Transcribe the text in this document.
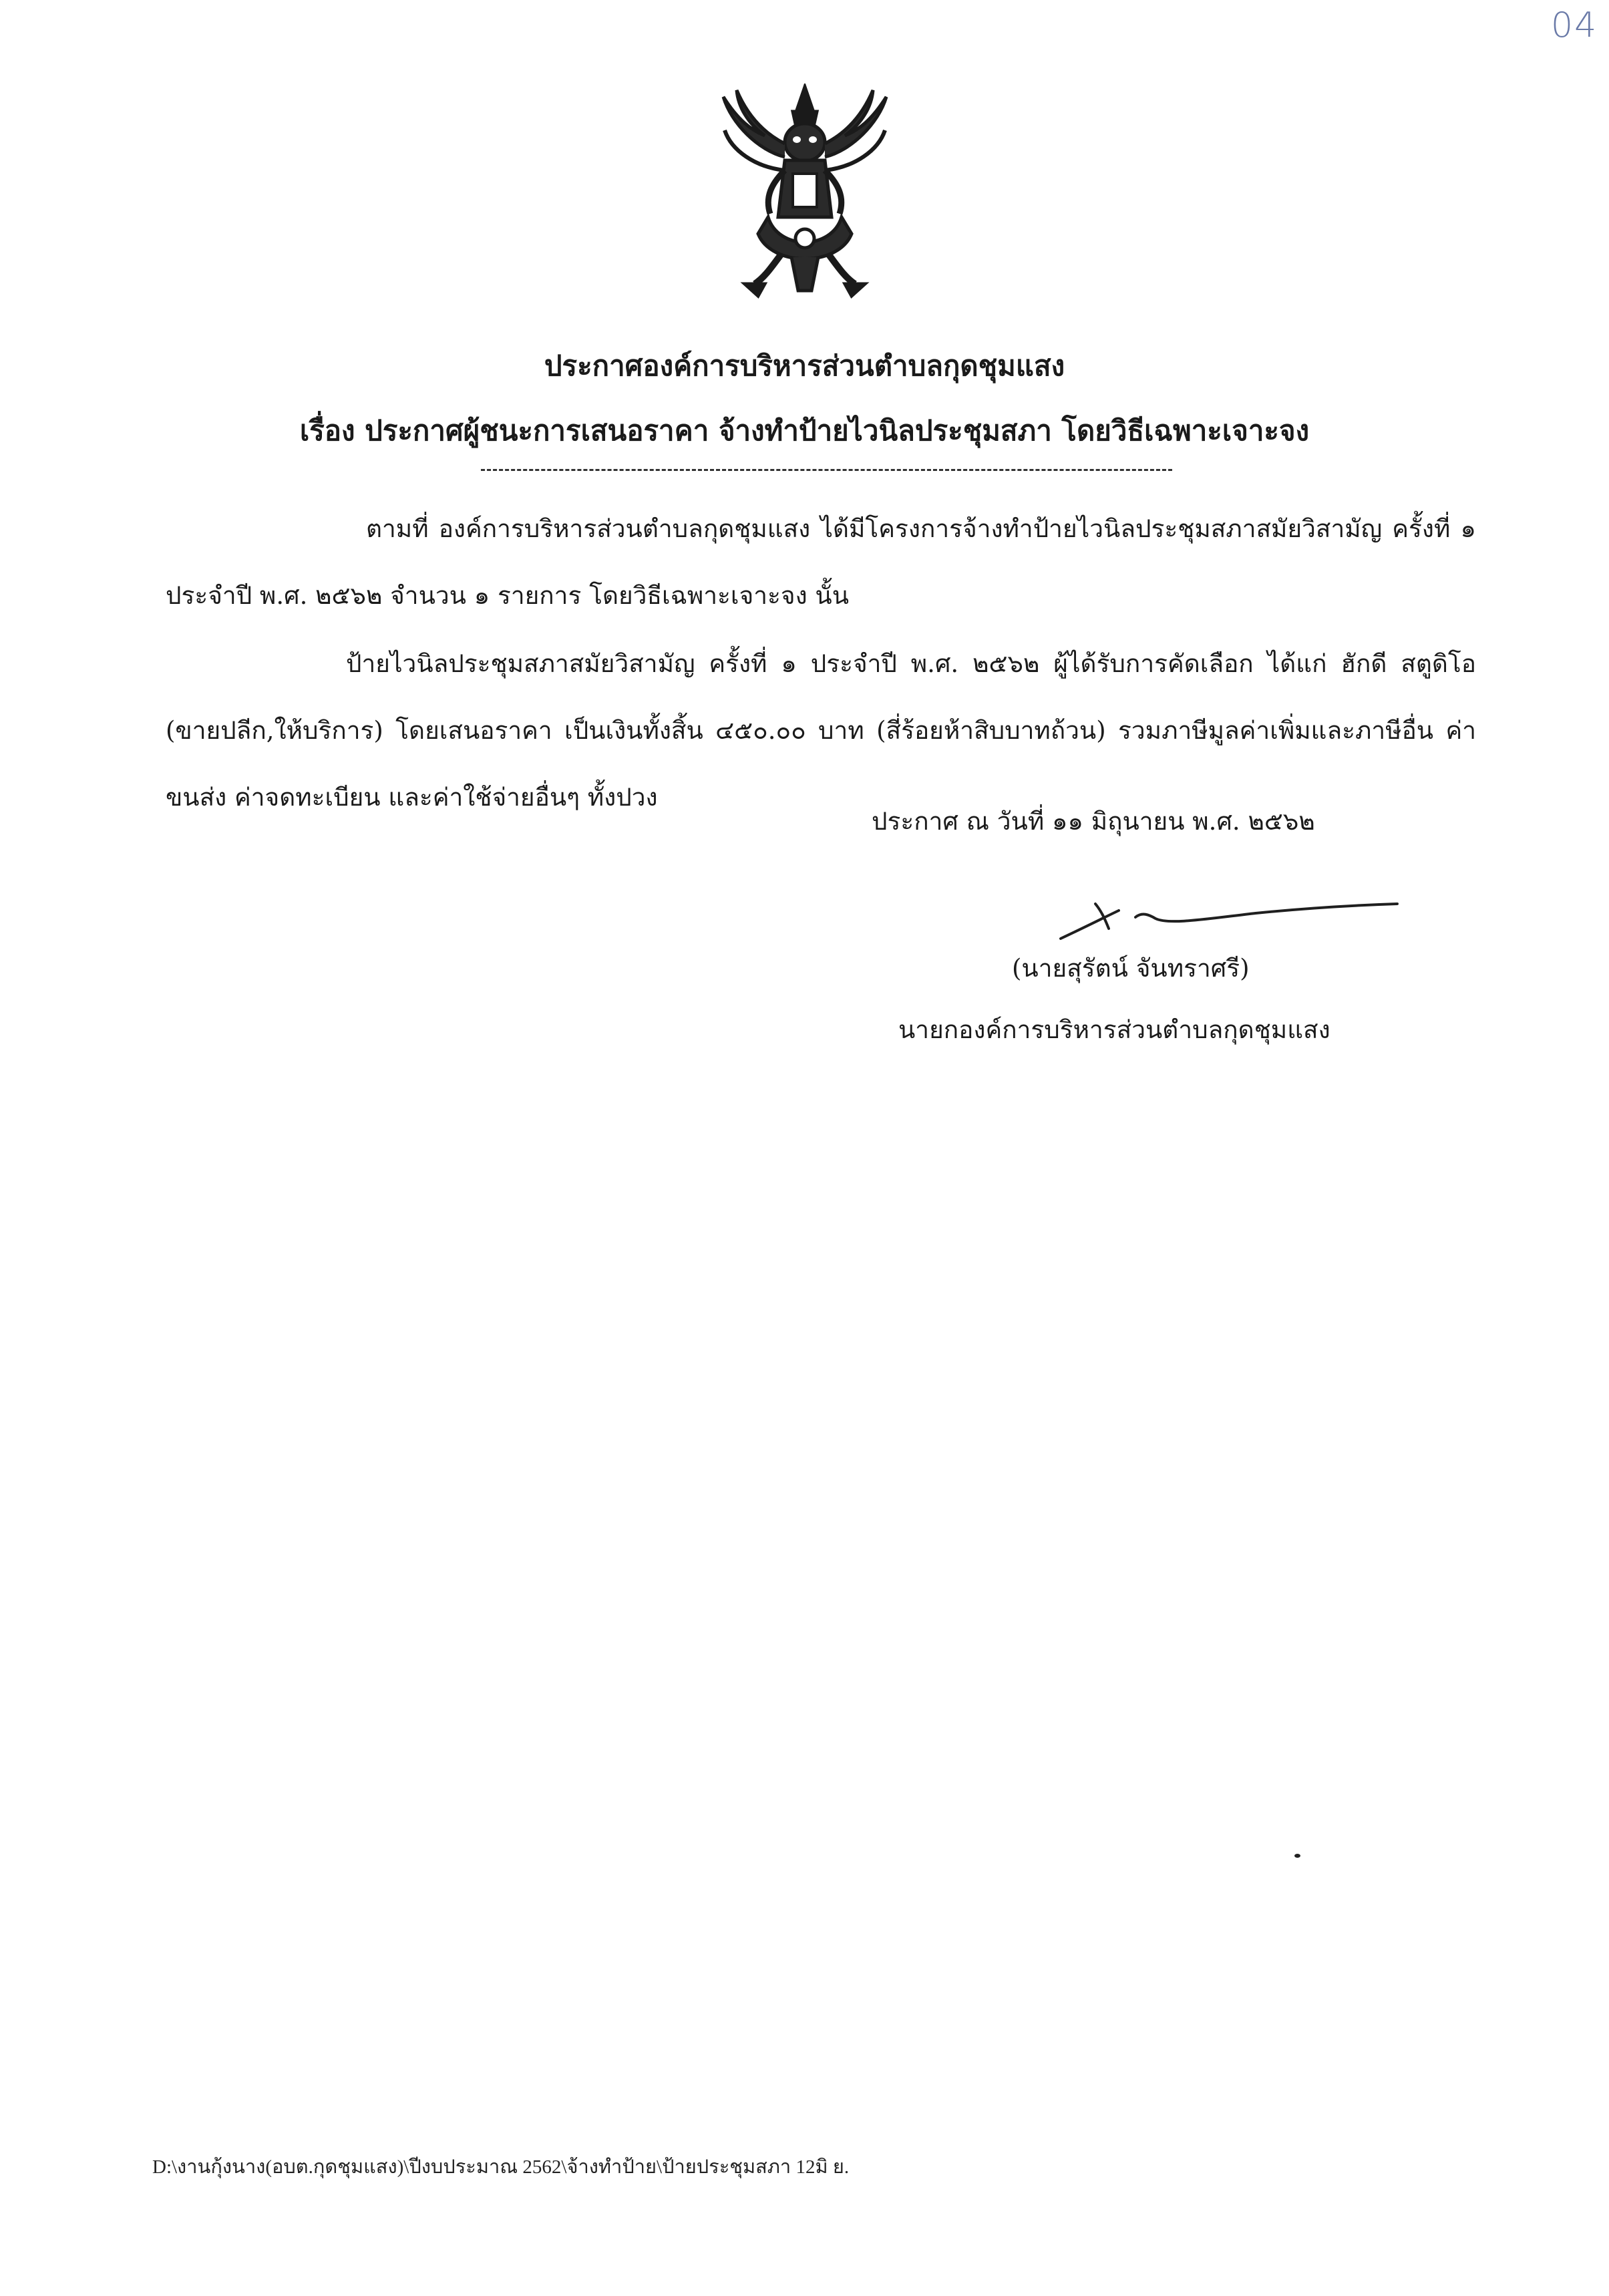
04
ประกาศองค์การบริหารส่วนตำบลกุดชุมแสง
เรื่อง ประกาศผู้ชนะการเสนอราคา จ้างทำป้ายไวนิลประชุมสภา โดยวิธีเฉพาะเจาะจง
ตามที่ องค์การบริหารส่วนตำบลกุดชุมแสง ได้มีโครงการจ้างทำป้ายไวนิลประชุมสภาสมัยวิสามัญ ครั้งที่ ๑ ประจำปี พ.ศ. ๒๕๖๒ จำนวน ๑ รายการ โดยวิธีเฉพาะเจาะจง นั้น
ป้ายไวนิลประชุมสภาสมัยวิสามัญ ครั้งที่ ๑ ประจำปี พ.ศ. ๒๕๖๒ ผู้ได้รับการคัดเลือก ได้แก่ ฮักดี สตูดิโอ (ขายปลีก,ให้บริการ) โดยเสนอราคา เป็นเงินทั้งสิ้น ๔๕๐.๐๐ บาท (สี่ร้อยห้าสิบบาทถ้วน) รวมภาษีมูลค่าเพิ่มและภาษีอื่น ค่าขนส่ง ค่าจดทะเบียน และค่าใช้จ่ายอื่นๆ ทั้งปวง
ประกาศ ณ วันที่ ๑๑ มิถุนายน พ.ศ. ๒๕๖๒
(นายสุรัตน์ จันทราศรี)
นายกองค์การบริหารส่วนตำบลกุดชุมแสง
D:\งานกุ้งนาง(อบต.กุดชุมแสง)\ปีงบประมาณ 2562\จ้างทำป้าย\ป้ายประชุมสภา 12มิ ย.
